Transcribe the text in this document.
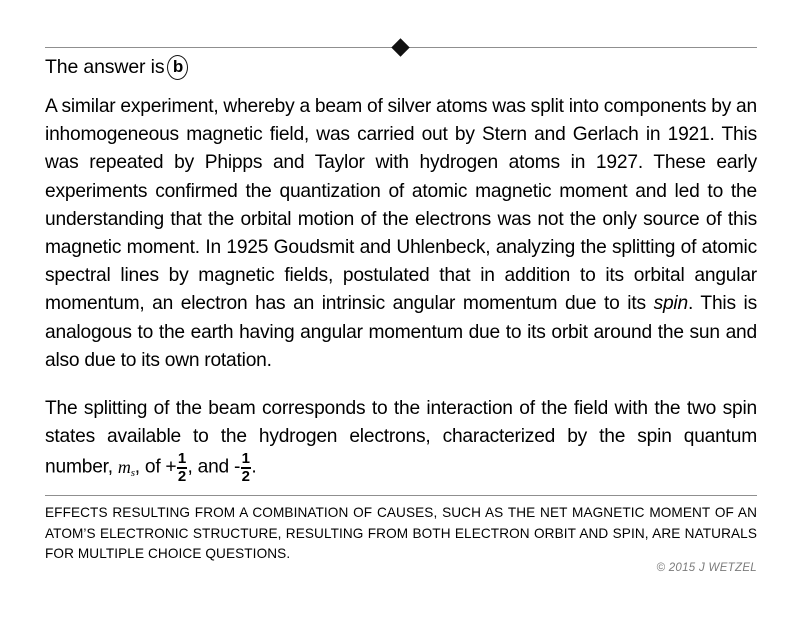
The answer is b

A similar experiment, whereby a beam of silver atoms was split into components by an inhomogeneous magnetic field, was carried out by Stern and Gerlach in 1921. This was repeated by Phipps and Taylor with hydrogen atoms in 1927. These early experiments confirmed the quantization of atomic magnetic moment and led to the understanding that the orbital motion of the electrons was not the only source of this magnetic moment. In 1925 Goudsmit and Uhlenbeck, analyzing the splitting of atomic spectral lines by magnetic fields, postulated that in addition to its orbital angular momentum, an electron has an intrinsic angular momentum due to its spin. This is analogous to the earth having angular momentum due to its orbit around the sun and also due to its own rotation.

The splitting of the beam corresponds to the interaction of the field with the two spin states available to the hydrogen electrons, characterized by the spin quantum number, $m_s$, of + $\frac{1}{2}$ , and - $\frac{1}{2}$ .

EFFECTS RESULTING FROM A COMBINATION OF CAUSES, SUCH AS THE NET MAGNETIC MOMENT OF AN ATOM’S ELECTRONIC STRUCTURE, RESULTING FROM BOTH ELECTRON ORBIT AND SPIN, ARE NATURALS FOR MULTIPLE CHOICE QUESTIONS.
© 2015 J WETZEL
